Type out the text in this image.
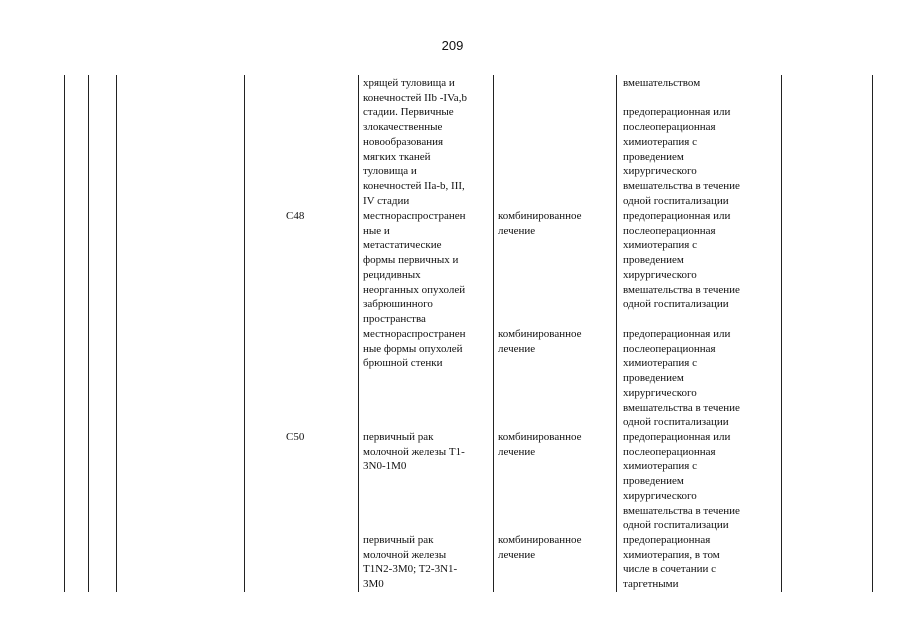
209
хрящей туловища и
конечностей IIb -IVa,b
стадии. Первичные
злокачественные
новообразования
мягких тканей
туловища и
конечностей IIa-b, III,
IV стадии
вмешательством

предоперационная или
послеоперационная
химиотерапия с
проведением
хирургического
вмешательства в течение
одной госпитализации
C48	местнораспространен
ные и
метастатические
формы первичных и
рецидивных
неорганных опухолей
забрюшинного
пространства
комбинированное
лечение
предоперационная или
послеоперационная
химиотерапия с
проведением
хирургического
вмешательства в течение
одной госпитализации
местнораспространен
ные формы опухолей
брюшной стенки
комбинированное
лечение
предоперационная или
послеоперационная
химиотерапия с
проведением
хирургического
вмешательства в течение
одной госпитализации
C50	первичный рак
молочной железы T1-
3N0-1M0
комбинированное
лечение
предоперационная или
послеоперационная
химиотерапия с
проведением
хирургического
вмешательства в течение
одной госпитализации
первичный рак
молочной железы
T1N2-3M0; T2-3N1-
3M0
комбинированное
лечение
предоперационная
химиотерапия, в том
числе в сочетании с
таргетными
